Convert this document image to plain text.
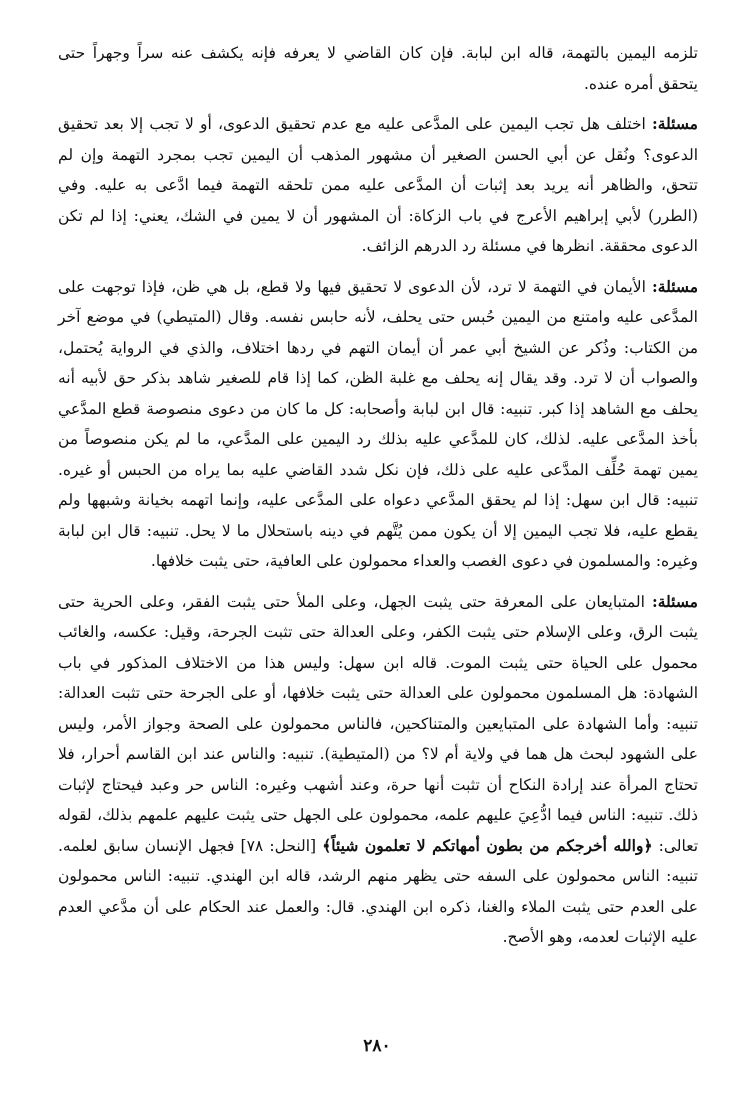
تلزمه اليمين بالتهمة، قاله ابن لبابة. فإن كان القاضي لا يعرفه فإنه يكشف عنه سراً وجهراً حتى يتحقق أمره عنده.

مسئلة: اختلف هل تجب اليمين على المدَّعى عليه مع عدم تحقيق الدعوى، أو لا تجب إلا بعد تحقيق الدعوى؟ ونُقل عن أبي الحسن الصغير أن مشهور المذهب أن اليمين تجب بمجرد التهمة وإن لم تتحق، والظاهر أنه يريد بعد إثبات أن المدَّعى عليه ممن تلحقه التهمة فيما ادَّعى به عليه. وفي (الطرر) لأبي إبراهيم الأعرج في باب الزكاة: أن المشهور أن لا يمين في الشك، يعني: إذا لم تكن الدعوى محققة. انظرها في مسئلة رد الدرهم الزائف.

مسئلة: الأيمان في التهمة لا ترد، لأن الدعوى لا تحقيق فيها ولا قطع، بل هي ظن، فإذا توجهت على المدَّعى عليه وامتنع من اليمين حُبس حتى يحلف، لأنه حابس نفسه. وقال (المتيطي) في موضع آخر من الكتاب: وذُكر عن الشيخ أبي عمر أن أيمان التهم في ردها اختلاف، والذي في الرواية يُحتمل، والصواب أن لا ترد. وقد يقال إنه يحلف مع غلبة الظن، كما إذا قام للصغير شاهد بذكر حق لأبيه أنه يحلف مع الشاهد إذا كبر. تنبيه: قال ابن لبابة وأصحابه: كل ما كان من دعوى منصوصة قطع المدَّعي بأخذ المدَّعى عليه. لذلك، كان للمدَّعي عليه بذلك رد اليمين على المدَّعي، ما لم يكن منصوصاً من يمين تهمة حُلِّف المدَّعى عليه على ذلك، فإن نكل شدد القاضي عليه بما يراه من الحبس أو غيره. تنبيه: قال ابن سهل: إذا لم يحقق المدَّعي دعواه على المدَّعى عليه، وإنما اتهمه بخيانة وشبهها ولم يقطع عليه، فلا تجب اليمين إلا أن يكون ممن يُتَّهم في دينه باستحلال ما لا يحل. تنبيه: قال ابن لبابة وغيره: والمسلمون في دعوى الغصب والعداء محمولون على العافية، حتى يثبت خلافها.

مسئلة: المتبايعان على المعرفة حتى يثبت الجهل، وعلى الملأ حتى يثبت الفقر، وعلى الحرية حتى يثبت الرق، وعلى الإسلام حتى يثبت الكفر، وعلى العدالة حتى تثبت الجرحة، وقيل: عكسه، والغائب محمول على الحياة حتى يثبت الموت. قاله ابن سهل: وليس هذا من الاختلاف المذكور في باب الشهادة: هل المسلمون محمولون على العدالة حتى يثبت خلافها، أو على الجرحة حتى تثبت العدالة: تنبيه: وأما الشهادة على المتبايعين والمتناكحين، فالناس محمولون على الصحة وجواز الأمر، وليس على الشهود لبحث هل هما في ولاية أم لا؟ من (المتيطية). تنبيه: والناس عند ابن القاسم أحرار، فلا تحتاج المرأة عند إرادة النكاح أن تثبت أنها حرة، وعند أشهب وغيره: الناس حر وعبد فيحتاج لإثبات ذلك. تنبيه: الناس فيما ادُّعِيَ عليهم علمه، محمولون على الجهل حتى يثبت عليهم علمهم بذلك، لقوله تعالى: ﴿والله أخرجكم من بطون أمهاتكم لا تعلمون شيئاً﴾ [النحل: ٧٨] فجهل الإنسان سابق لعلمه. تنبيه: الناس محمولون على السفه حتى يظهر منهم الرشد، قاله ابن الهندي. تنبيه: الناس محمولون على العدم حتى يثبت الملاء والغنا، ذكره ابن الهندي. قال: والعمل عند الحكام على أن مدَّعي العدم عليه الإثبات لعدمه، وهو الأصح.

٢٨٠
